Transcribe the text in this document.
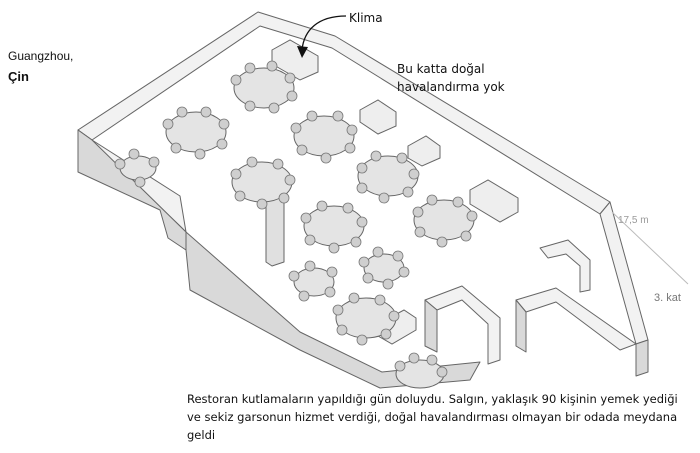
Guangzhou,
Çin
Klima
Bu katta doğal havalandırma yok
17,5 m
3. kat
Restoran kutlamaların yapıldığı gün doluydu. Salgın, yaklaşık 90 kişinin yemek yediği ve sekiz garsonun hizmet verdiği, doğal havalandırması olmayan bir odada meydana geldi
